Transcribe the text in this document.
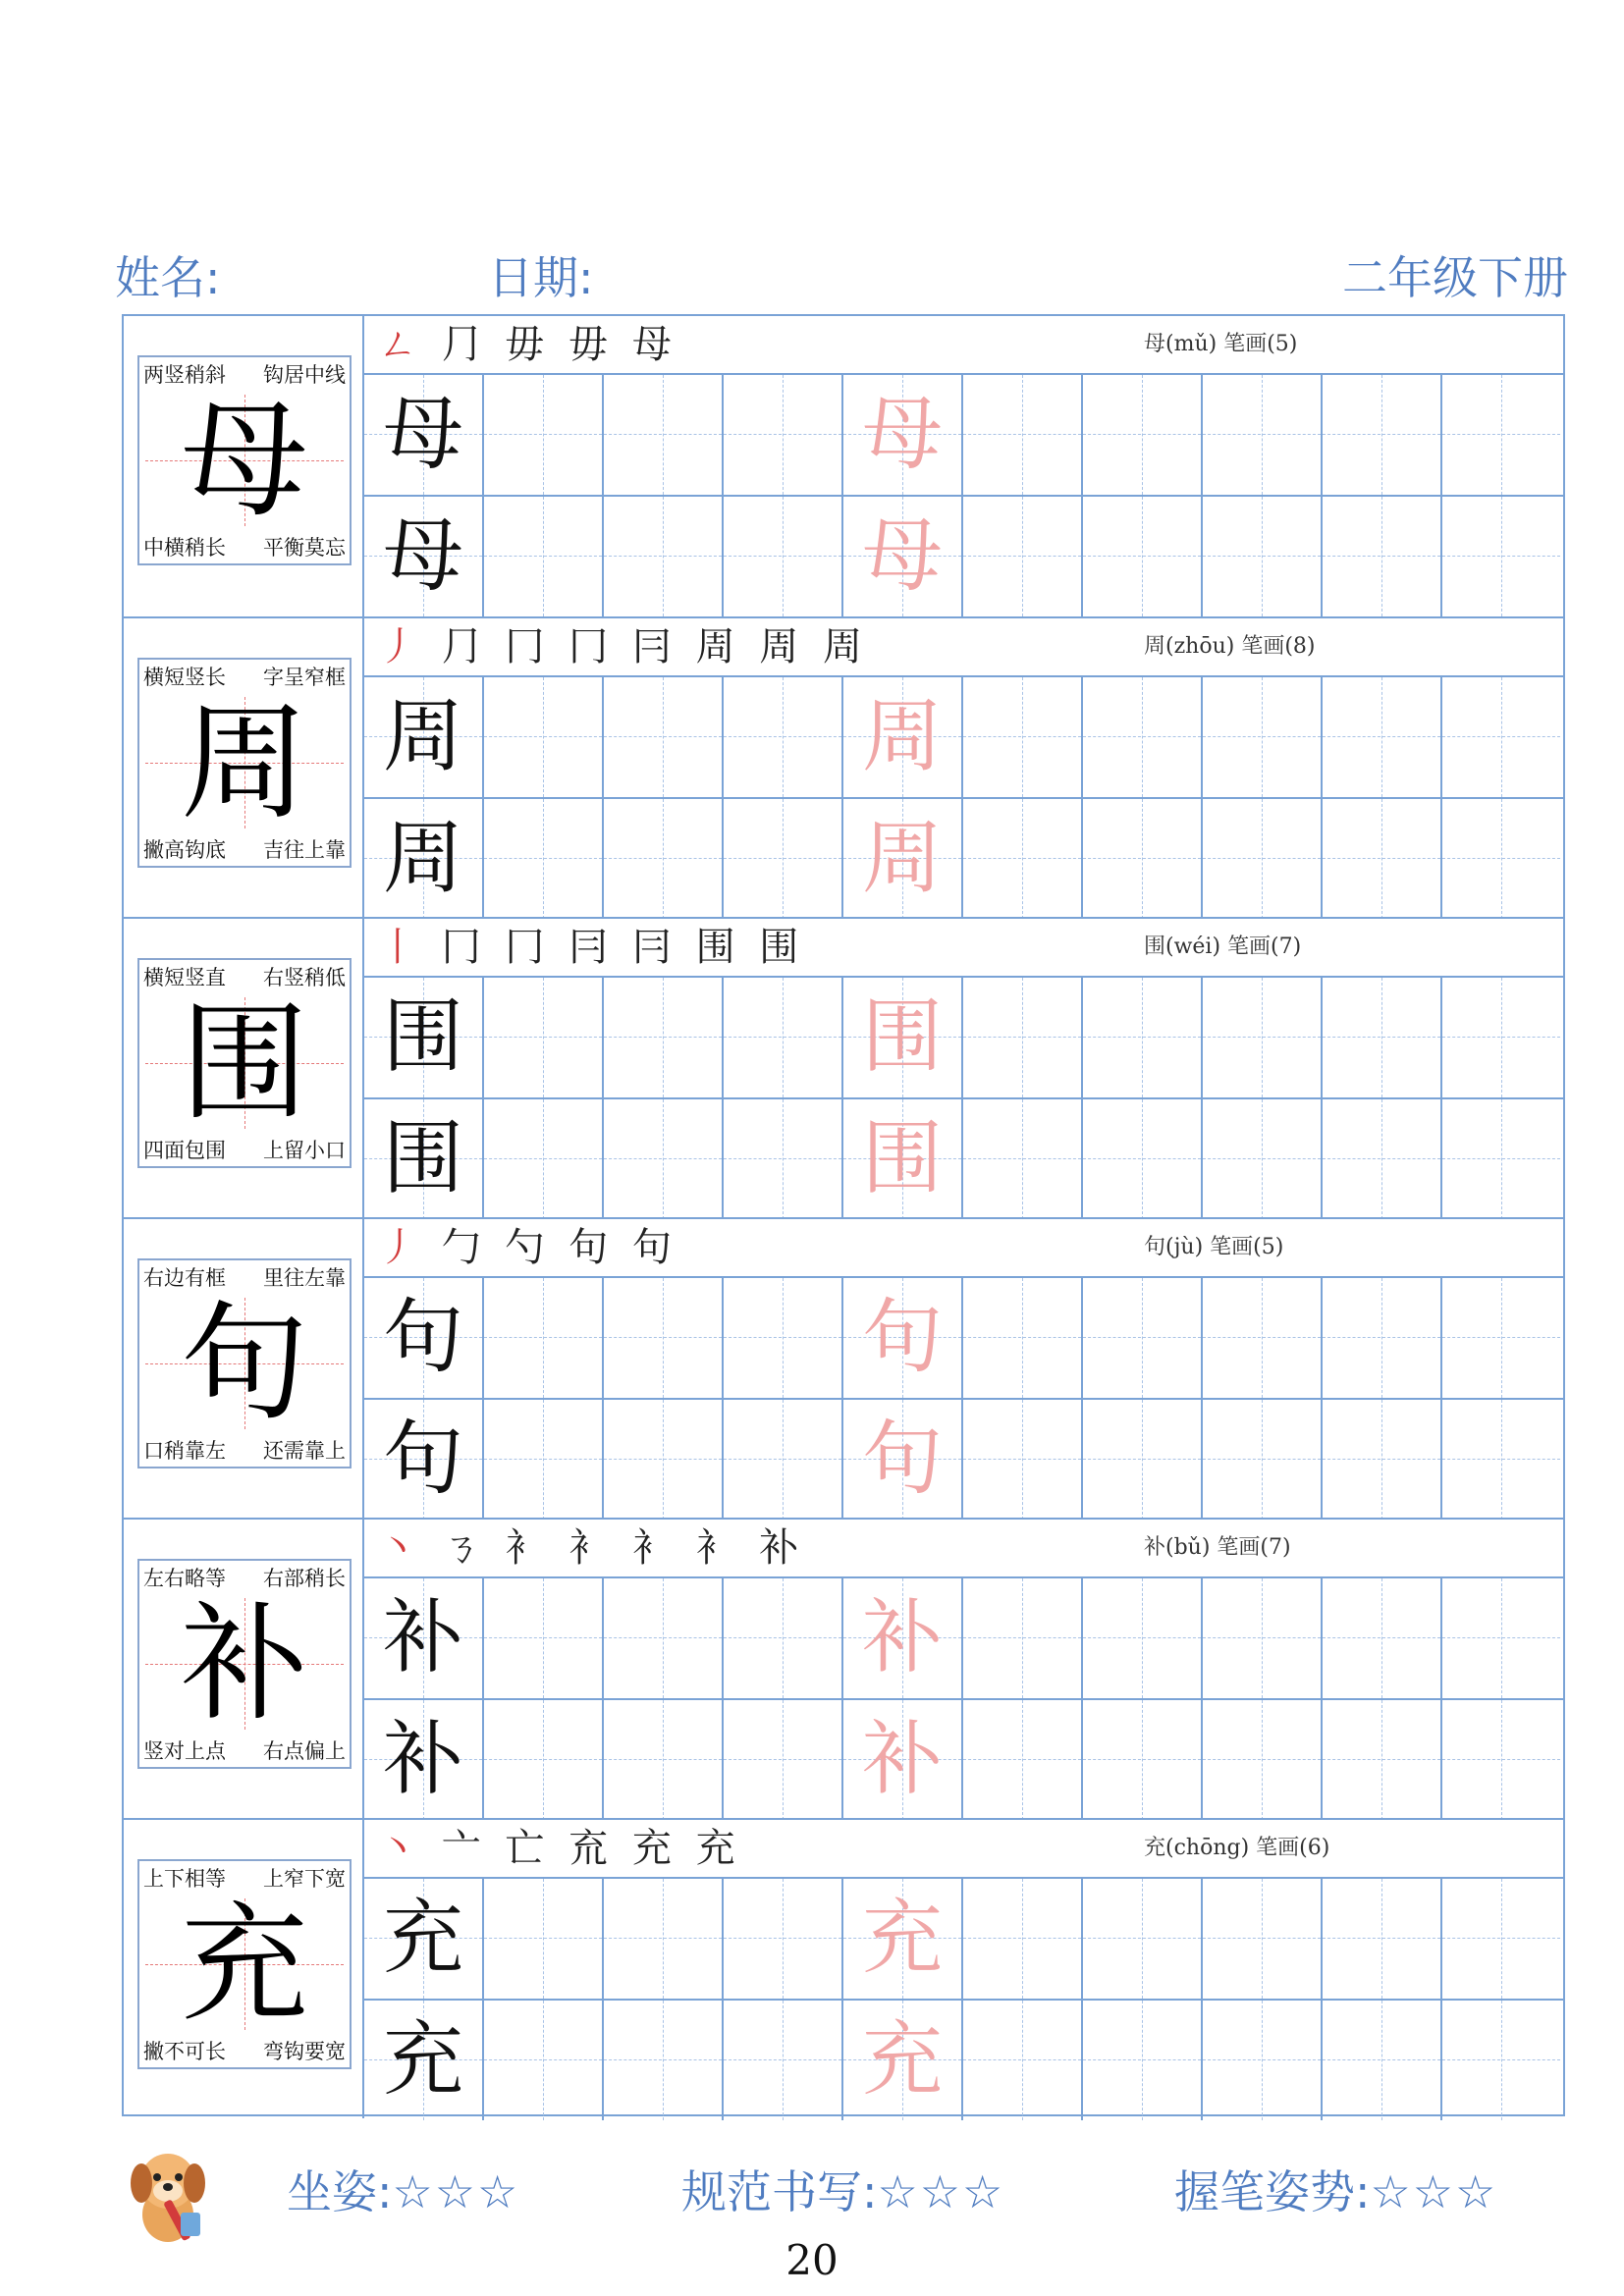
姓名:	日期:	二年级下册
两竖稍斜 钩居中线
中横稍长 平衡莫忘
母
ㄥ ⺆ 毋 毋 母	母(mǔ) 笔画(5)
母	母
母	母
横短竖长 字呈窄框
撇高钩底 吉往上靠
周
丿 ⺆ 冂 冂 冃 周 周 周	周(zhōu) 笔画(8)
周	周
周	周
横短竖直 右竖稍低
四面包围 上留小口
围
丨 冂 冂 冃 冃 围 围	围(wéi) 笔画(7)
围	围
围	围
右边有框 里往左靠
口稍靠左 还需靠上
句
丿 勹 勺 句 句	句(jù) 笔画(5)
句	句
句	句
左右略等 右部稍长
竖对上点 右点偏上
补
丶 ㄋ 衤 衤 衤 衤 补	补(bǔ) 笔画(7)
补	补
补	补
上下相等 上窄下宽
撇不可长 弯钩要宽
充
丶 亠 亡 㐬 充 充	充(chōng) 笔画(6)
充	充
充	充
坐姿:☆☆☆	规范书写:☆☆☆	握笔姿势:☆☆☆
20
